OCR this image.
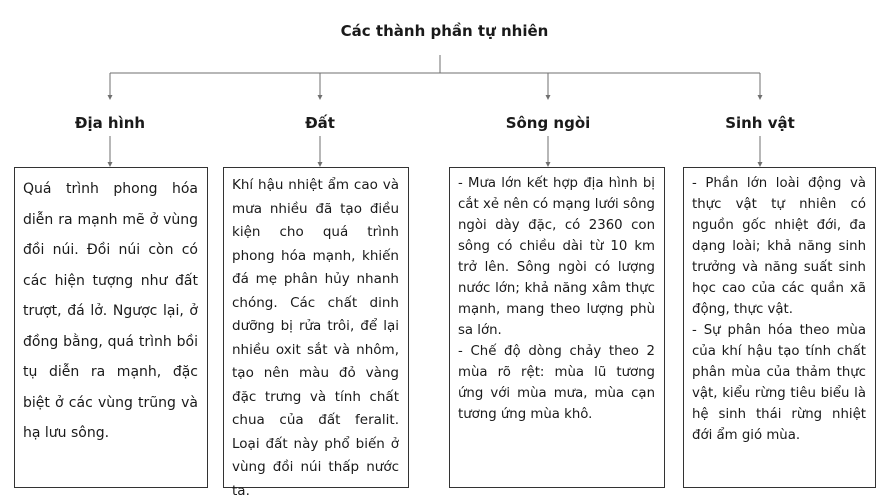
Các thành phần tự nhiên
Địa hình	Đất	Sông ngòi	Sinh vật

Quá trình phong hóa diễn ra mạnh mẽ ở vùng đồi núi. Đồi núi còn có các hiện tượng như đất trượt, đá lở. Ngược lại, ở đồng bằng, quá trình bồi tụ diễn ra mạnh, đặc biệt ở các vùng trũng và hạ lưu sông.

Khí hậu nhiệt ẩm cao và mưa nhiều đã tạo điều kiện cho quá trình phong hóa mạnh, khiến đá mẹ phân hủy nhanh chóng. Các chất dinh dưỡng bị rửa trôi, để lại nhiều oxit sắt và nhôm, tạo nên màu đỏ vàng đặc trưng và tính chất chua của đất feralit. Loại đất này phổ biến ở vùng đồi núi thấp nước ta.

- Mưa lớn kết hợp địa hình bị cắt xẻ nên có mạng lưới sông ngòi dày đặc, có 2360 con sông có chiều dài từ 10 km trở lên. Sông ngòi có lượng nước lớn; khả năng xâm thực mạnh, mang theo lượng phù sa lớn.

- Chế độ dòng chảy theo 2 mùa rõ rệt: mùa lũ tương ứng với mùa mưa, mùa cạn tương ứng mùa khô.

- Phần lớn loài động và thực vật tự nhiên có nguồn gốc nhiệt đới, đa dạng loài; khả năng sinh trưởng và năng suất sinh học cao của các quần xã động, thực vật.

- Sự phân hóa theo mùa của khí hậu tạo tính chất phân mùa của thảm thực vật, kiểu rừng tiêu biểu là hệ sinh thái rừng nhiệt đới ẩm gió mùa.
